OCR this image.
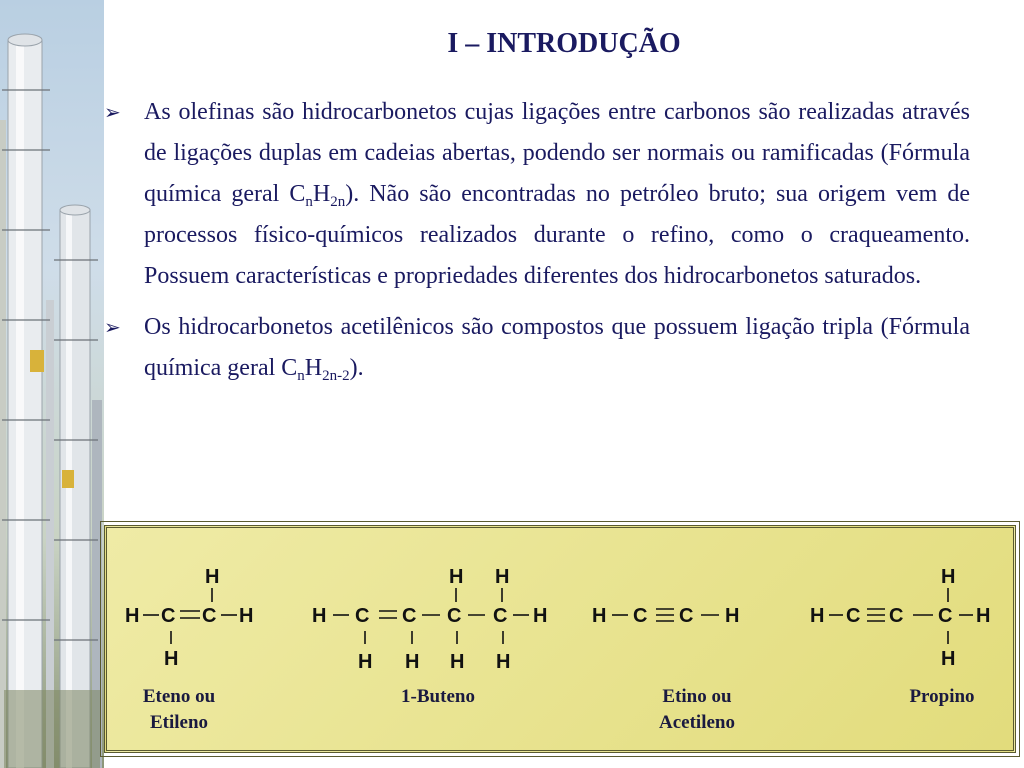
I – INTRODUÇÃO
➢ As olefinas são hidrocarbonetos cujas ligações entre carbonos são realizadas através de ligações duplas em cadeias abertas, podendo ser normais ou ramificadas (Fórmula química geral $C_nH_{2n}$). Não são encontradas no petróleo bruto; sua origem vem de processos físico-químicos realizados durante o refino, como o craqueamento. Possuem características e propriedades diferentes dos hidrocarbonetos saturados.
➢ Os hidrocarbonetos acetilênicos são compostos que possuem ligação tripla (Fórmula química geral $C_nH_{2n-2}$).
H
H C C H
H
H H
H C C C C H
H H H H
H C C H
H
H C C C H
H
Eteno ou
Etileno
1-Buteno	Etino ou
Acetileno
Propino
